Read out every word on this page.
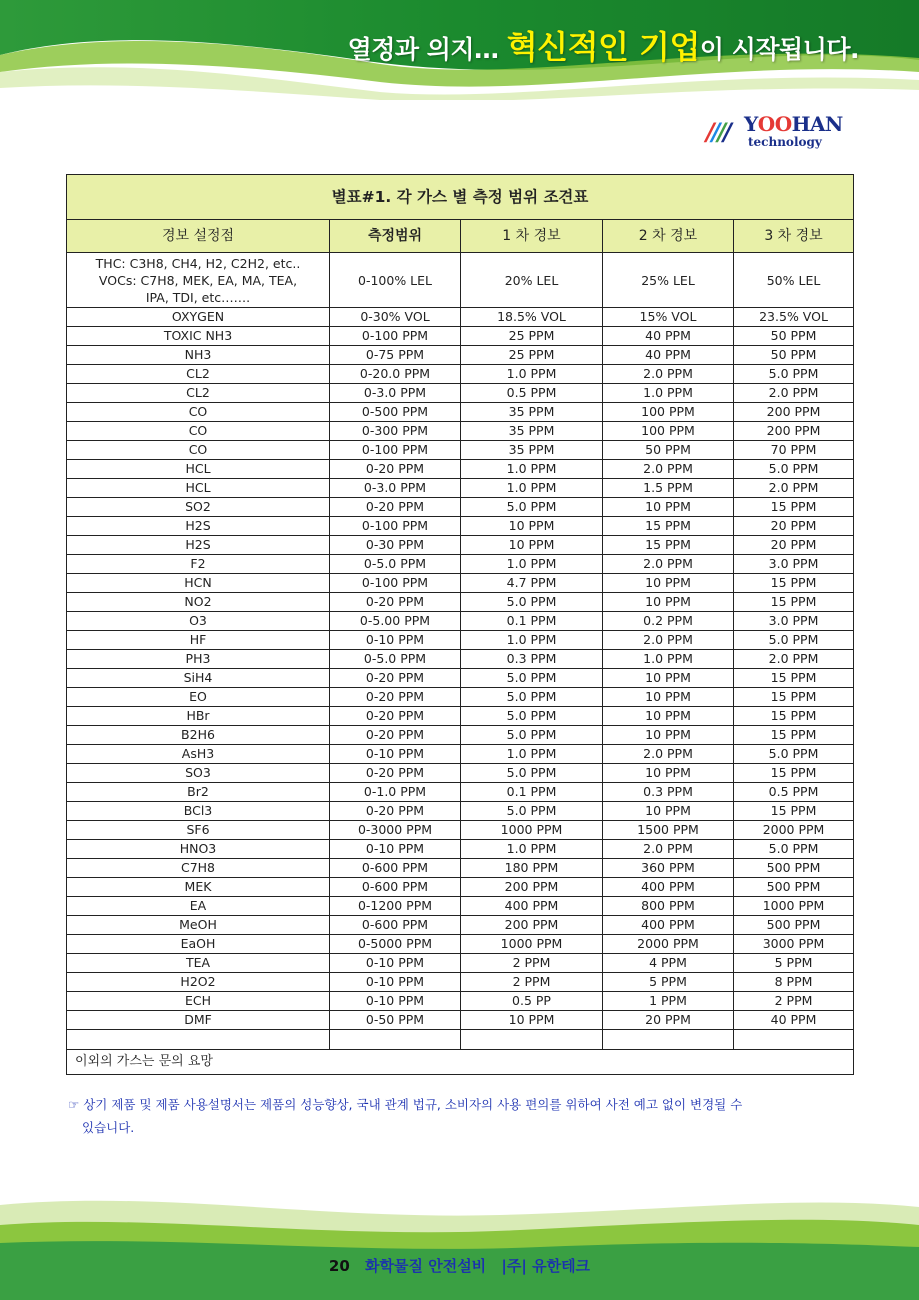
열정과 의지… 혁신적인 기업이 시작됩니다.
//// YOOHAN
technology
별표#1. 각 가스 별 측정 범위 조견표				
경보 설정점	측정범위	1 차 경보	2 차 경보	3 차 경보

THC: C3H8, CH4, H2, C2H2, etc..
VOCs: C7H8, MEK, EA, MA, TEA,
IPA, TDI, etc…….	0-100% LEL	20% LEL	25% LEL	50% LEL
OXYGEN	0-30% VOL	18.5% VOL	15% VOL	23.5% VOL
TOXIC NH3	0-100 PPM	25 PPM	40 PPM	50 PPM
NH3	0-75 PPM	25 PPM	40 PPM	50 PPM
CL2	0-20.0 PPM	1.0 PPM	2.0 PPM	5.0 PPM
CL2	0-3.0 PPM	0.5 PPM	1.0 PPM	2.0 PPM
CO	0-500 PPM	35 PPM	100 PPM	200 PPM
CO	0-300 PPM	35 PPM	100 PPM	200 PPM
CO	0-100 PPM	35 PPM	50 PPM	70 PPM
HCL	0-20 PPM	1.0 PPM	2.0 PPM	5.0 PPM
HCL	0-3.0 PPM	1.0 PPM	1.5 PPM	2.0 PPM
SO2	0-20 PPM	5.0 PPM	10 PPM	15 PPM
H2S	0-100 PPM	10 PPM	15 PPM	20 PPM
H2S	0-30 PPM	10 PPM	15 PPM	20 PPM
F2	0-5.0 PPM	1.0 PPM	2.0 PPM	3.0 PPM
HCN	0-100 PPM	4.7 PPM	10 PPM	15 PPM
NO2	0-20 PPM	5.0 PPM	10 PPM	15 PPM
O3	0-5.00 PPM	0.1 PPM	0.2 PPM	3.0 PPM
HF	0-10 PPM	1.0 PPM	2.0 PPM	5.0 PPM
PH3	0-5.0 PPM	0.3 PPM	1.0 PPM	2.0 PPM
SiH4	0-20 PPM	5.0 PPM	10 PPM	15 PPM
EO	0-20 PPM	5.0 PPM	10 PPM	15 PPM
HBr	0-20 PPM	5.0 PPM	10 PPM	15 PPM
B2H6	0-20 PPM	5.0 PPM	10 PPM	15 PPM
AsH3	0-10 PPM	1.0 PPM	2.0 PPM	5.0 PPM
SO3	0-20 PPM	5.0 PPM	10 PPM	15 PPM
Br2	0-1.0 PPM	0.1 PPM	0.3 PPM	0.5 PPM
BCl3	0-20 PPM	5.0 PPM	10 PPM	15 PPM
SF6	0-3000 PPM	1000 PPM	1500 PPM	2000 PPM
HNO3	0-10 PPM	1.0 PPM	2.0 PPM	5.0 PPM
C7H8	0-600 PPM	180 PPM	360 PPM	500 PPM
MEK	0-600 PPM	200 PPM	400 PPM	500 PPM
EA	0-1200 PPM	400 PPM	800 PPM	1000 PPM
MeOH	0-600 PPM	200 PPM	400 PPM	500 PPM
EaOH	0-5000 PPM	1000 PPM	2000 PPM	3000 PPM
TEA	0-10 PPM	2 PPM	4 PPM	5 PPM
H2O2	0-10 PPM	2 PPM	5 PPM	8 PPM
ECH	0-10 PPM	0.5 PP	1 PPM	2 PPM
DMF	0-50 PPM	10 PPM	20 PPM	40 PPM

이외의 가스는 문의 요망				
☞ 상기 제품 및 제품 사용설명서는 제품의 성능향상, 국내 관계 법규, 소비자의 사용 편의를 위하여 사전 예고 없이 변경될 수
있습니다.
20 화학물질 안전설비 |주| 유한테크
